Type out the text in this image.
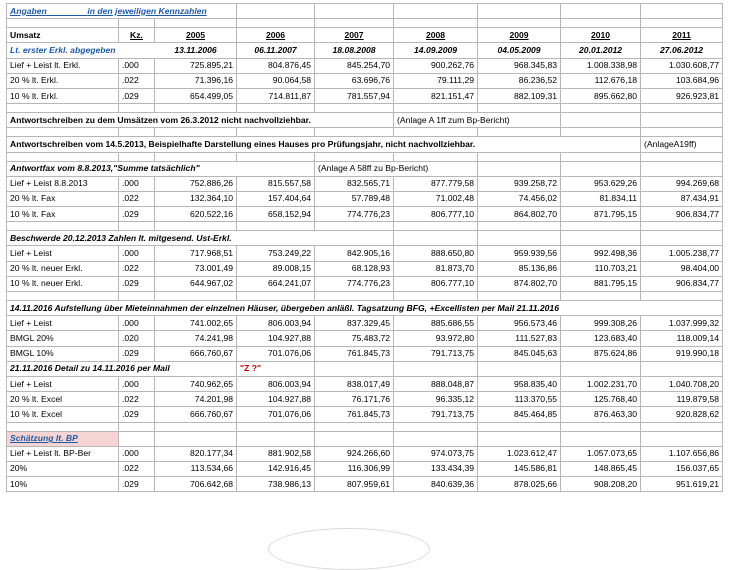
Angaben in den jeweiligen Kennzahlen								

Umsatz	Kz.	2005	2006	2007	2008	2009	2010	2011
Lt. erster Erkl. abgegeben		13.11.2006	06.11.2007	18.08.2008	14.09.2009	04.05.2009	20.01.2012	27.06.2012
Lief + Leist lt. Erkl.	.000	725.895,21	804.876,45	845.254,70	900.262,76	968.345,83	1.008.338,98	1.030.608,77
20 % lt. Erkl.	.022	71.396,16	90.064,58	63.696,76	79.111,29	86.236,52	112.676,18	103.684,96
10 % lt. Erkl.	.029	654.499,05	714.811,87	781.557,94	821.151,47	882.109,31	895.662,80	926.923,81

Antwortschreiben zu dem Umsätzen vom 26.3.2012 nicht nachvollziehbar.					(Anlage A 1ff zum Bp-Bericht)			

Antwortschreiben vom 14.5.2013, Beispielhafte Darstellung eines Hauses pro Prüfungsjahr, nicht nachvollziehbar.								(AnlageA19ff)

Antwortfax vom 8.8.2013,"Summe tatsächlich"				(Anlage A 58ff zu Bp-Bericht)				
Lief + Leist 8.8.2013	.000	752.886,26	815.557,58	832.565,71	877.779,58	939.258,72	953.629,26	994.269,68
20 % lt. Fax	.022	132.364,10	157.404,64	57.789,48	71.002,48	74.456,02	81.834,11	87.434,91
10 % lt. Fax	.029	620.522,16	658.152,94	774.776,23	806.777,10	864.802,70	871.795,15	906.834,77

Beschwerde 20.12.2013 Zahlen lt. mitgesend. Ust-Erkl.								
Lief + Leist	.000	717.968,51	753.249,22	842.905,16	888.650,80	959.939,56	992.498,36	1.005.238,77
20 % lt. neuer Erkl.	.022	73.001,49	89.008,15	68.128,93	81.873,70	85.136,86	110.703,21	98.404,00
10 % lt. neuer Erkl.	.029	644.967,02	664.241,07	774.776,23	806.777,10	874.802,70	881.795,15	906.834,77

14.11.2016 Aufstellung über Mieteinnahmen der einzelnen Häuser, übergeben anläßl. Tagsatzung BFG, +Excellisten per Mail 21.11.2016								
Lief + Leist	.000	741.002,65	806.003,94	837.329,45	885.686,55	956.573,46	999.308,26	1.037.999,32
BMGL 20%	.020	74.241,98	104.927,88	75.483,72	93.972,80	111.527,83	123.683,40	118.009,14
BMGL 10%	.029	666.760,67	701.076,06	761.845,73	791.713,75	845.045,63	875.624,86	919.990,18
21.11.2016 Detail zu 14.11.2016 per Mail			"Z ?"					
Lief + Leist	.000	740.962,65	806.003,94	838.017,49	888.048,87	958.835,40	1.002.231,70	1.040.708,20
20 % lt. Excel	.022	74.201,98	104.927,88	76.171,76	96.335,12	113.370,55	125.768,40	119.879,58
10 % lt. Excel	.029	666.760,67	701.076,06	761.845,73	791.713,75	845.464,85	876.463,30	920.828,62

Schätzung lt. BP								
Lief + Leist lt. BP-Ber	.000	820.177,34	881.902,58	924.266,60	974.073,75	1.023.612,47	1.057.073,65	1.107.656,86
20%	.022	113.534,66	142.916,45	116.306,99	133.434,39	145.586,81	148.865,45	156.037,65
10%	.029	706.642,68	738.986,13	807.959,61	840.639,36	878.025,66	908.208,20	951.619,21
